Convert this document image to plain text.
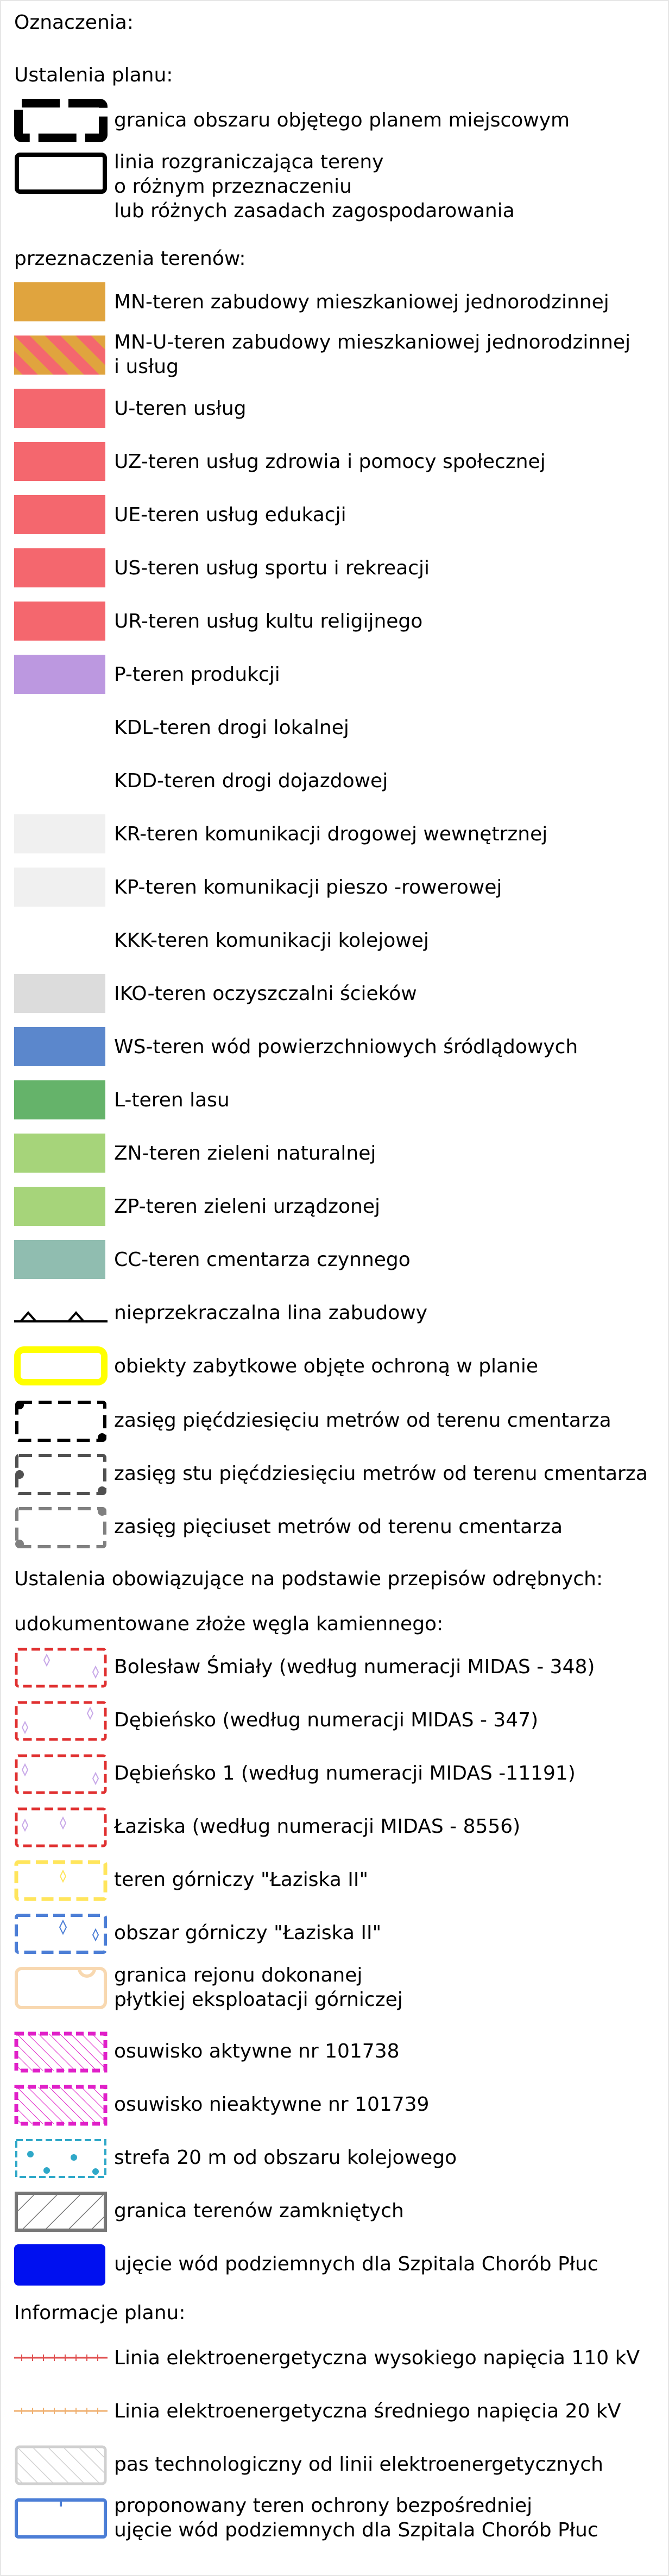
Oznaczenia:
Ustalenia planu:
granica obszaru objętego planem miejscowym
linia rozgraniczająca tereny
o różnym przeznaczeniu
lub różnych zasadach zagospodarowania
przeznaczenia terenów:
MN-teren zabudowy mieszkaniowej jednorodzinnej
MN-U-teren zabudowy mieszkaniowej jednorodzinnej
i usług
U-teren usług
UZ-teren usług zdrowia i pomocy społecznej
UE-teren usług edukacji
US-teren usług sportu i rekreacji
UR-teren usług kultu religijnego
P-teren produkcji
KDL-teren drogi lokalnej
KDD-teren drogi dojazdowej
KR-teren komunikacji drogowej wewnętrznej
KP-teren komunikacji pieszo -rowerowej
KKK-teren komunikacji kolejowej
IKO-teren oczyszczalni ścieków
WS-teren wód powierzchniowych śródlądowych
L-teren lasu
ZN-teren zieleni naturalnej
ZP-teren zieleni urządzonej
CC-teren cmentarza czynnego
nieprzekraczalna lina zabudowy
obiekty zabytkowe objęte ochroną w planie
zasięg pięćdziesięciu metrów od terenu cmentarza
zasięg stu pięćdziesięciu metrów od terenu cmentarza
zasięg pięciuset metrów od terenu cmentarza
Ustalenia obowiązujące na podstawie przepisów odrębnych:
udokumentowane złoże węgla kamiennego:
Bolesław Śmiały (według numeracji MIDAS - 348)
Dębieńsko (według numeracji MIDAS - 347)
Dębieńsko 1 (według numeracji MIDAS -11191)
Łaziska (według numeracji MIDAS - 8556)
teren górniczy "Łaziska II"
obszar górniczy "Łaziska II"
granica rejonu dokonanej
płytkiej eksploatacji górniczej
osuwisko aktywne nr 101738
osuwisko nieaktywne nr 101739
strefa 20 m od obszaru kolejowego
granica terenów zamkniętych
ujęcie wód podziemnych dla Szpitala Chorób Płuc
Informacje planu:
Linia elektroenergetyczna wysokiego napięcia 110 kV
Linia elektroenergetyczna średniego napięcia 20 kV
pas technologiczny od linii elektroenergetycznych
proponowany teren ochrony bezpośredniej
ujęcie wód podziemnych dla Szpitala Chorób Płuc
